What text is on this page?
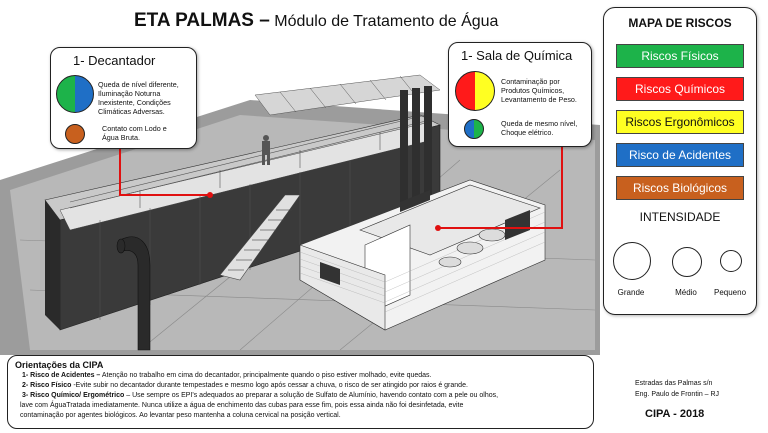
ETA PALMAS – Módulo de Tratamento de Água
1- Decantador
Queda de nível diferente,
Iluminação Noturna
Inexistente, Condições
Climáticas Adversas.
Contato com Lodo e
Água Bruta.
1- Sala de Química
Contaminação por
Produtos Químicos,
Levantamento de Peso.
Queda de mesmo nível,
Choque elétrico.
MAPA DE RISCOS
Riscos Físicos
Riscos Químicos
Riscos Ergonômicos
Risco de Acidentes
Riscos Biológicos
INTENSIDADE
Grande	Médio	Pequeno
Orientações da CIPA
1- Risco de Acidentes – Atenção no trabalho em cima do decantador, principalmente quando o piso estiver molhado, evite quedas.
2- Risco Físico -Evite subir no decantador durante tempestades e mesmo logo após cessar a chuva, o risco de ser atingido por raios é grande.
3- Risco Químico/ Ergométrico – Use sempre os EPI's adequados ao preparar a solução de Sulfato de Alumínio, havendo contato com a pele ou olhos,
lave com ÁguaTratada imediatamente. Nunca utilize a água de enchimento das cubas para esse fim, pois essa ainda não foi desinfetada, evite
contaminação por agentes biológicos. Ao levantar peso mantenha a coluna cervical na posição vertical.
Estradas das Palmas s/n
Eng. Paulo de Frontin – RJ
CIPA - 2018
